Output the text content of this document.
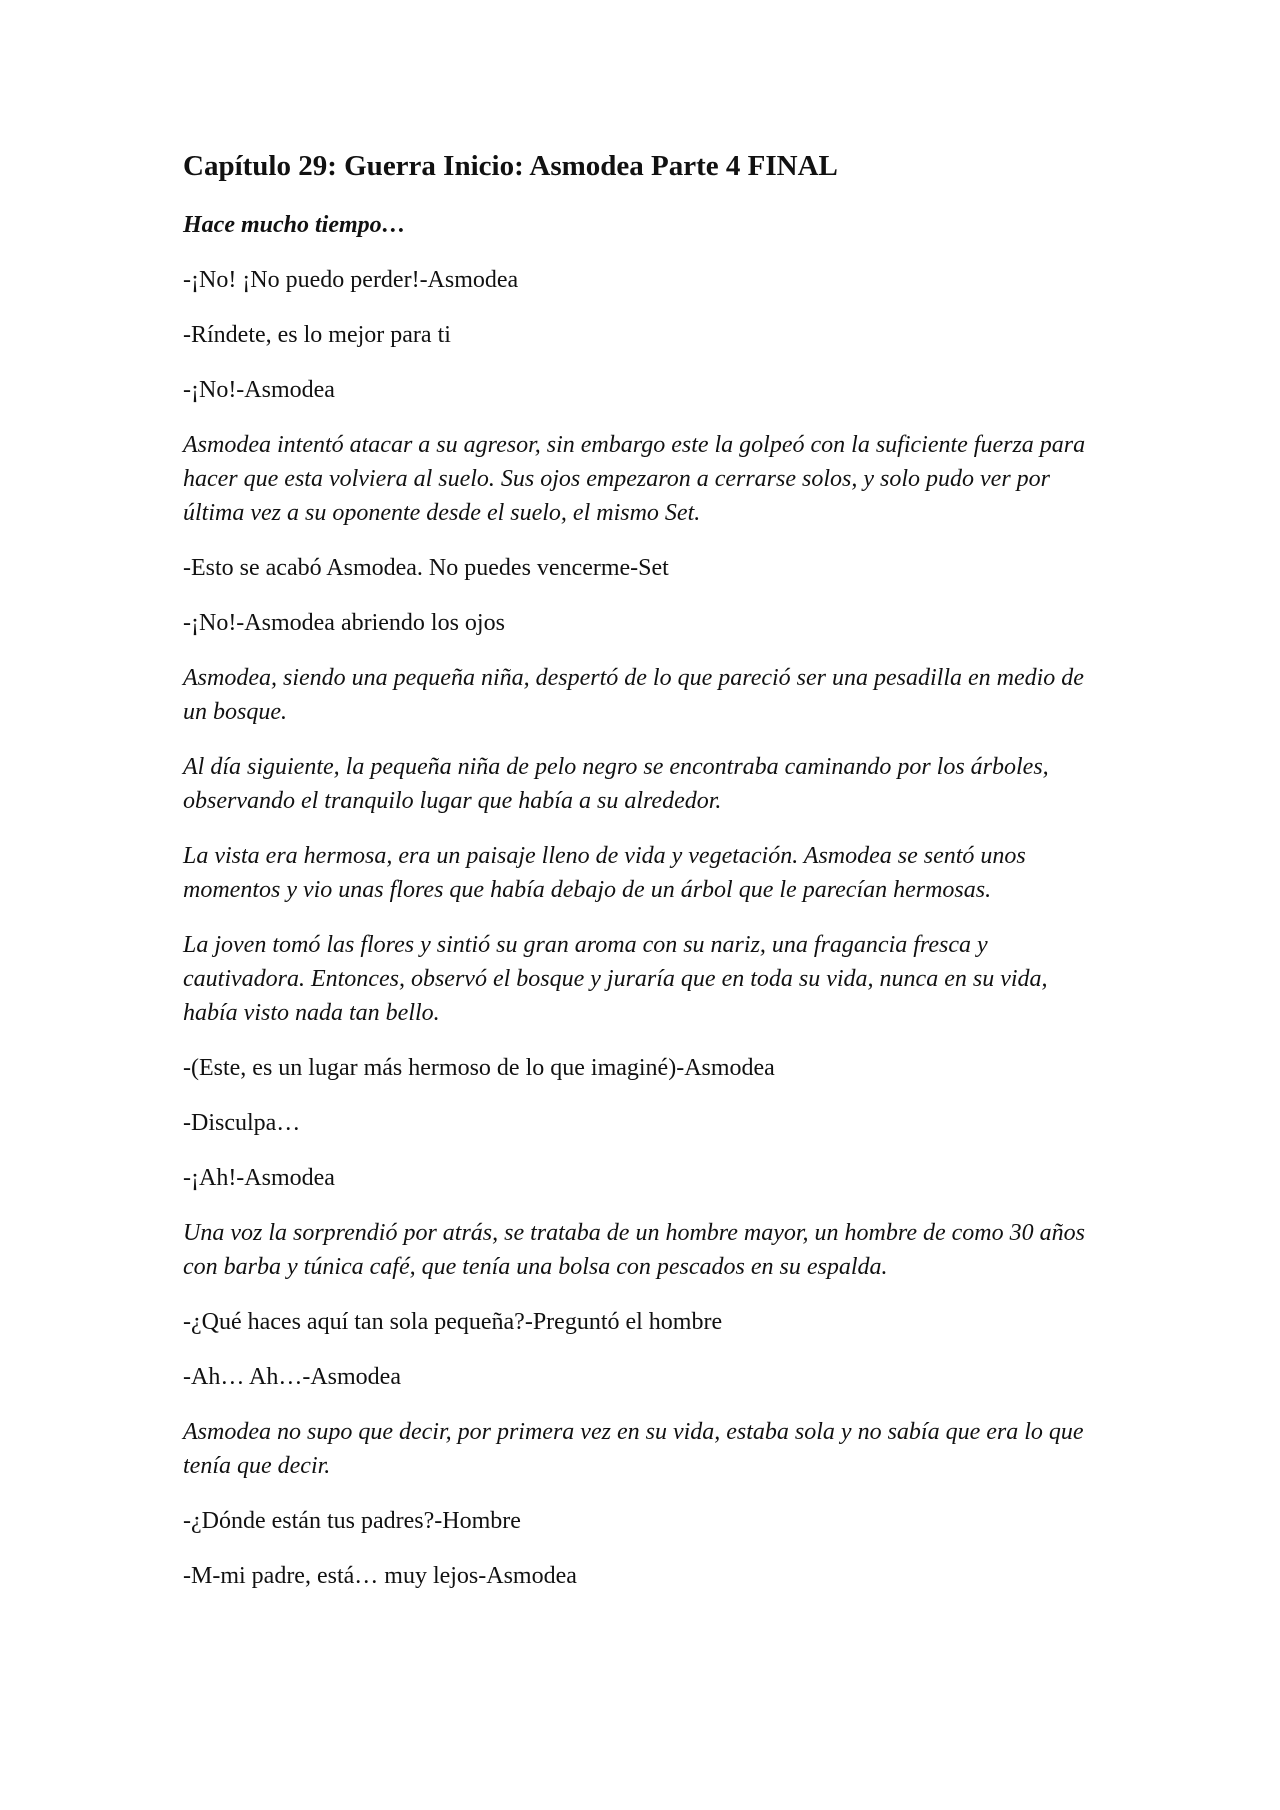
Capítulo 29: Guerra Inicio: Asmodea Parte 4 FINAL
Hace mucho tiempo…

-¡No! ¡No puedo perder!-Asmodea

-Ríndete, es lo mejor para ti

-¡No!-Asmodea

Asmodea intentó atacar a su agresor, sin embargo este la golpeó con la suficiente fuerza para hacer que esta volviera al suelo. Sus ojos empezaron a cerrarse solos, y solo pudo ver por última vez a su oponente desde el suelo, el mismo Set.

-Esto se acabó Asmodea. No puedes vencerme-Set

-¡No!-Asmodea abriendo los ojos

Asmodea, siendo una pequeña niña, despertó de lo que pareció ser una pesadilla en medio de un bosque.

Al día siguiente, la pequeña niña de pelo negro se encontraba caminando por los árboles, observando el tranquilo lugar que había a su alrededor.

La vista era hermosa, era un paisaje lleno de vida y vegetación. Asmodea se sentó unos momentos y vio unas flores que había debajo de un árbol que le parecían hermosas.

La joven tomó las flores y sintió su gran aroma con su nariz, una fragancia fresca y cautivadora. Entonces, observó el bosque y juraría que en toda su vida, nunca en su vida, había visto nada tan bello.

-(Este, es un lugar más hermoso de lo que imaginé)-Asmodea

-Disculpa…

-¡Ah!-Asmodea

Una voz la sorprendió por atrás, se trataba de un hombre mayor, un hombre de como 30 años con barba y túnica café, que tenía una bolsa con pescados en su espalda.

-¿Qué haces aquí tan sola pequeña?-Preguntó el hombre

-Ah… Ah…-Asmodea

Asmodea no supo que decir, por primera vez en su vida, estaba sola y no sabía que era lo que tenía que decir.

-¿Dónde están tus padres?-Hombre

-M-mi padre, está… muy lejos-Asmodea
